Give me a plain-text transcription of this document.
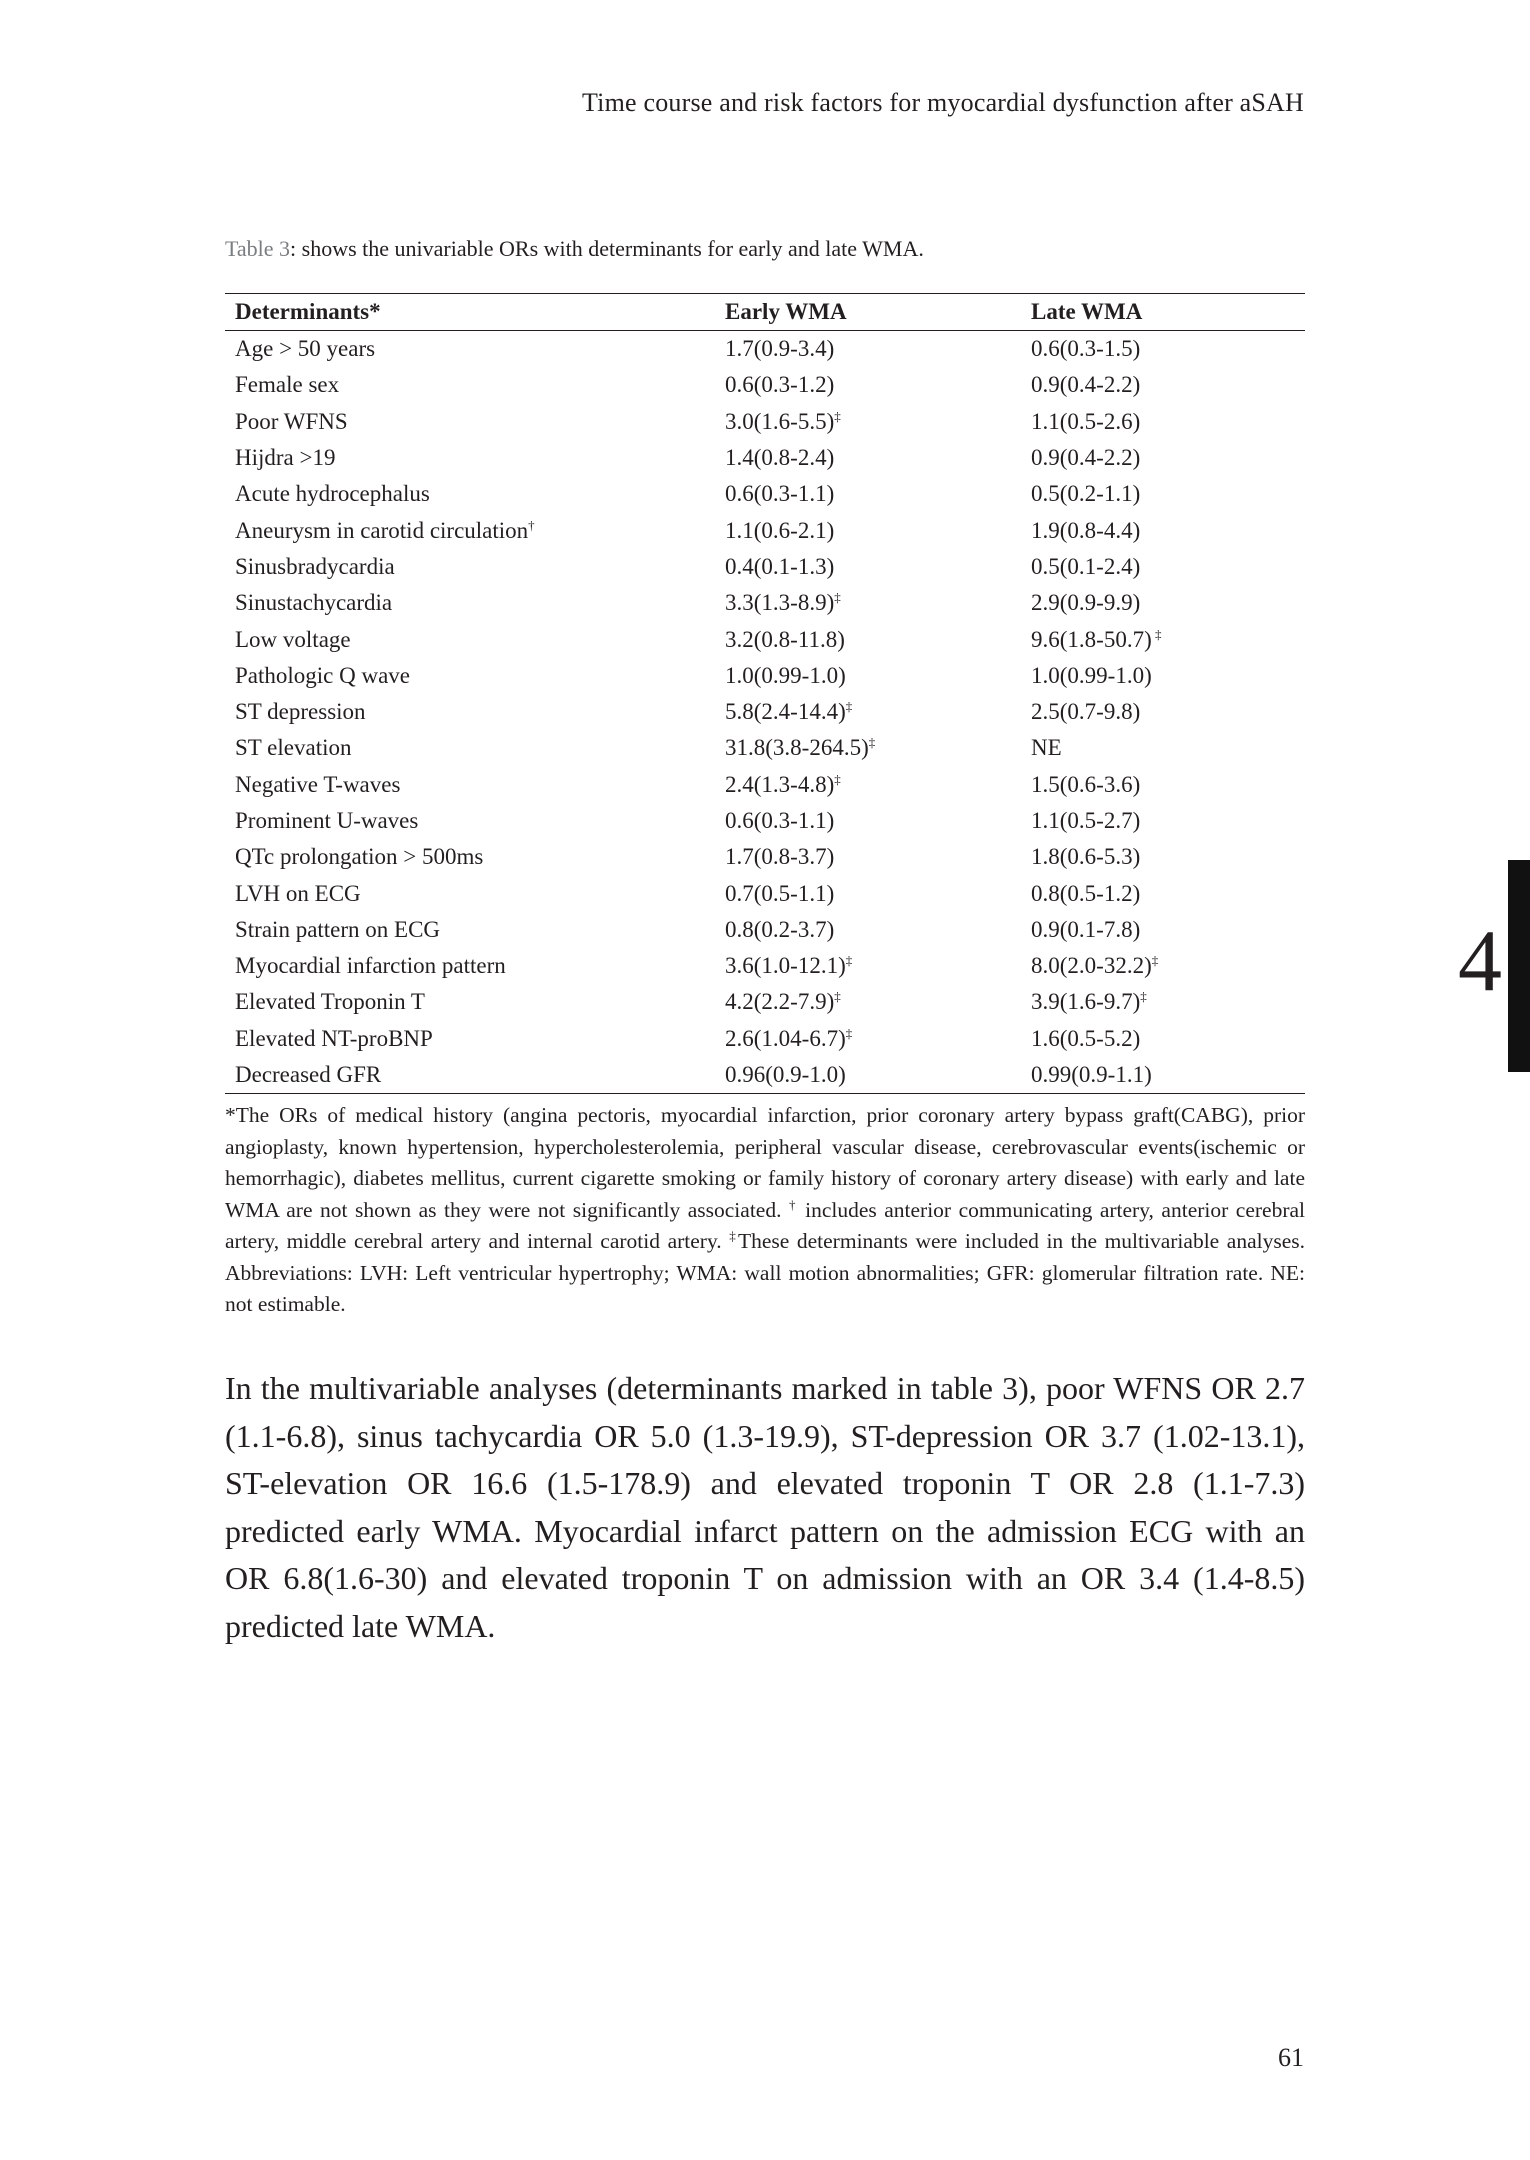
Time course and risk factors for myocardial dysfunction after aSAH
Table 3: shows the univariable ORs with determinants for early and late WMA.
Determinants*	Early WMA	Late WMA
Age > 50 years	1.7(0.9-3.4)	0.6(0.3-1.5)
Female sex	0.6(0.3-1.2)	0.9(0.4-2.2)
Poor WFNS	3.0(1.6-5.5)‡	1.1(0.5-2.6)
Hijdra >19	1.4(0.8-2.4)	0.9(0.4-2.2)
Acute hydrocephalus	0.6(0.3-1.1)	0.5(0.2-1.1)
Aneurysm in carotid circulation†	1.1(0.6-2.1)	1.9(0.8-4.4)
Sinusbradycardia	0.4(0.1-1.3)	0.5(0.1-2.4)
Sinustachycardia	3.3(1.3-8.9)‡	2.9(0.9-9.9)
Low voltage	3.2(0.8-11.8)	9.6(1.8-50.7) ‡
Pathologic Q wave	1.0(0.99-1.0)	1.0(0.99-1.0)
ST depression	5.8(2.4-14.4)‡	2.5(0.7-9.8)
ST elevation	31.8(3.8-264.5)‡	NE
Negative T-waves	2.4(1.3-4.8)‡	1.5(0.6-3.6)
Prominent U-waves	0.6(0.3-1.1)	1.1(0.5-2.7)
QTc prolongation > 500ms	1.7(0.8-3.7)	1.8(0.6-5.3)
LVH on ECG	0.7(0.5-1.1)	0.8(0.5-1.2)
Strain pattern on ECG	0.8(0.2-3.7)	0.9(0.1-7.8)
Myocardial infarction pattern	3.6(1.0-12.1)‡	8.0(2.0-32.2)‡
Elevated Troponin T	4.2(2.2-7.9)‡	3.9(1.6-9.7)‡
Elevated NT-proBNP	2.6(1.04-6.7)‡	1.6(0.5-5.2)
Decreased GFR	0.96(0.9-1.0)	0.99(0.9-1.1)
*The ORs of medical history (angina pectoris, myocardial infarction, prior coronary artery bypass graft(CABG), prior angioplasty, known hypertension, hypercholesterolemia, peripheral vascular disease, cerebrovascular events(ischemic or hemorrhagic), diabetes mellitus, current cigarette smoking or family history of coronary artery disease) with early and late WMA are not shown as they were not significantly associated. † includes anterior communicating artery, anterior cerebral artery, middle cerebral artery and internal carotid artery. ‡These determinants were included in the multivariable analyses. Abbreviations: LVH: Left ventricular hypertrophy; WMA: wall motion abnormalities; GFR: glomerular filtration rate. NE: not estimable.
In the multivariable analyses (determinants marked in table 3), poor WFNS OR 2.7 (1.1-6.8), sinus tachycardia OR 5.0 (1.3-19.9), ST-depression OR 3.7 (1.02-13.1), ST-elevation OR 16.6 (1.5-178.9) and elevated troponin T OR 2.8 (1.1-7.3) predicted early WMA. Myocardial infarct pattern on the admission ECG with an OR 6.8(1.6-30) and elevated troponin T on admission with an OR 3.4 (1.4-8.5) predicted late WMA.
4
61
